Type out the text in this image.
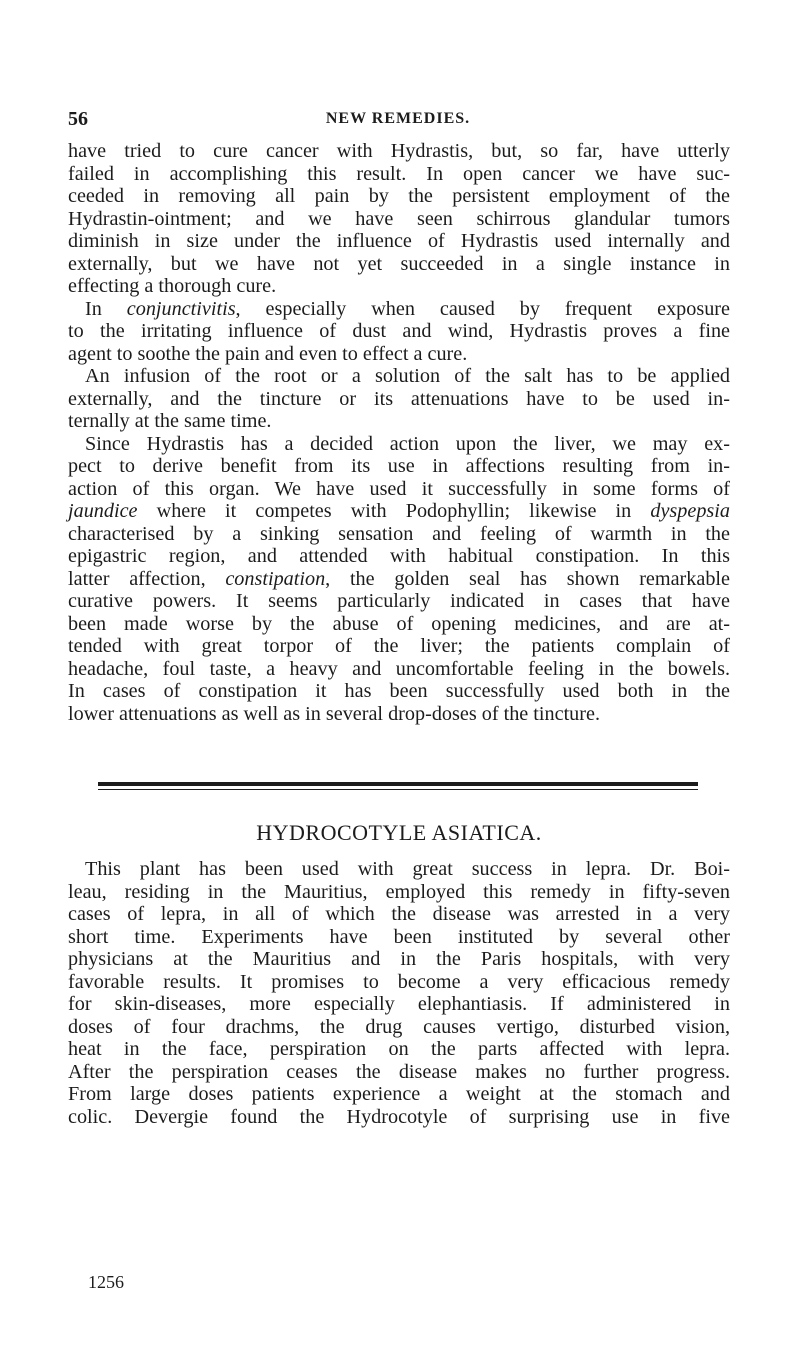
56	NEW REMEDIES.
have tried to cure cancer with Hydrastis, but, so far, have utterly
failed in accomplishing this result. In open cancer we have suc-
ceeded in removing all pain by the persistent employment of the
Hydrastin-ointment; and we have seen schirrous glandular tumors
diminish in size under the influence of Hydrastis used internally and
externally, but we have not yet succeeded in a single instance in
effecting a thorough cure.
In conjunctivitis, especially when caused by frequent exposure
to the irritating influence of dust and wind, Hydrastis proves a fine
agent to soothe the pain and even to effect a cure.
An infusion of the root or a solution of the salt has to be applied
externally, and the tincture or its attenuations have to be used in-
ternally at the same time.
Since Hydrastis has a decided action upon the liver, we may ex-
pect to derive benefit from its use in affections resulting from in-
action of this organ. We have used it successfully in some forms of
jaundice where it competes with Podophyllin; likewise in dyspepsia
characterised by a sinking sensation and feeling of warmth in the
epigastric region, and attended with habitual constipation. In this
latter affection, constipation, the golden seal has shown remarkable
curative powers. It seems particularly indicated in cases that have
been made worse by the abuse of opening medicines, and are at-
tended with great torpor of the liver; the patients complain of
headache, foul taste, a heavy and uncomfortable feeling in the bowels.
In cases of constipation it has been successfully used both in the
lower attenuations as well as in several drop-doses of the tincture.
HYDROCOTYLE ASIATICA.
This plant has been used with great success in lepra. Dr. Boi-
leau, residing in the Mauritius, employed this remedy in fifty-seven
cases of lepra, in all of which the disease was arrested in a very
short time. Experiments have been instituted by several other
physicians at the Mauritius and in the Paris hospitals, with very
favorable results. It promises to become a very efficacious remedy
for skin-diseases, more especially elephantiasis. If administered in
doses of four drachms, the drug causes vertigo, disturbed vision,
heat in the face, perspiration on the parts affected with lepra.
After the perspiration ceases the disease makes no further progress.
From large doses patients experience a weight at the stomach and
colic. Devergie found the Hydrocotyle of surprising use in five
1256
